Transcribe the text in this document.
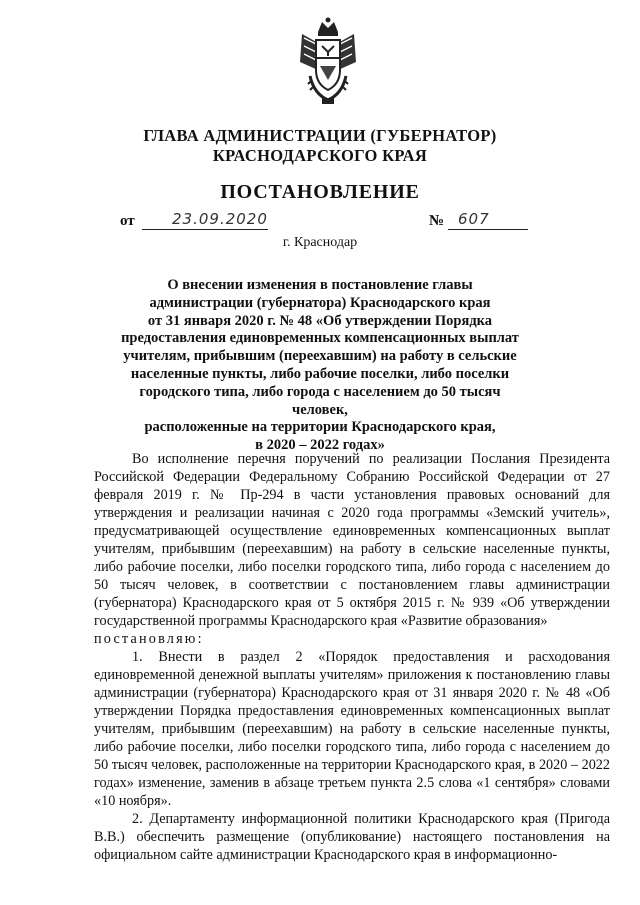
ГЛАВА АДМИНИСТРАЦИИ (ГУБЕРНАТОР)
КРАСНОДАРСКОГО КРАЯ
ПОСТАНОВЛЕНИЕ
от 23.09.2020	№ 607
г. Краснодар
О внесении изменения в постановление главы
администрации (губернатора) Краснодарского края
от 31 января 2020 г. № 48 «Об утверждении Порядка
предоставления единовременных компенсационных выплат
учителям, прибывшим (переехавшим) на работу в сельские
населенные пункты, либо рабочие поселки, либо поселки
городского типа, либо города с населением до 50 тысяч человек,
расположенные на территории Краснодарского края,
в 2020 – 2022 годах»

Во исполнение перечня поручений по реализации Послания Президента Российской Федерации Федеральному Собранию Российской Федерации от 27 февраля 2019 г. № Пр-294 в части установления правовых оснований для утверждения и реализации начиная с 2020 года программы «Земский учитель», предусматривающей осуществление единовременных компенсационных выплат учителям, прибывшим (переехавшим) на работу в сельские населенные пункты, либо рабочие поселки, либо поселки городского типа, либо города с населением до 50 тысяч человек, в соответствии с постановлением главы администрации (губернатора) Краснодарского края от 5 октября 2015 г. № 939 «Об утверждении государственной программы Краснодарского края «Развитие образования»

постановляю:

1. Внести в раздел 2 «Порядок предоставления и расходования единовременной денежной выплаты учителям» приложения к постановлению главы администрации (губернатора) Краснодарского края от 31 января 2020 г. № 48 «Об утверждении Порядка предоставления единовременных компенсационных выплат учителям, прибывшим (переехавшим) на работу в сельские населенные пункты, либо рабочие поселки, либо поселки городского типа, либо города с населением до 50 тысяч человек, расположенные на территории Краснодарского края, в 2020 – 2022 годах» изменение, заменив в абзаце третьем пункта 2.5 слова «1 сентября» словами «10 ноября».

2. Департаменту информационной политики Краснодарского края (Пригода В.В.) обеспечить размещение (опубликование) настоящего постановления на официальном сайте администрации Краснодарского края в информационно-
